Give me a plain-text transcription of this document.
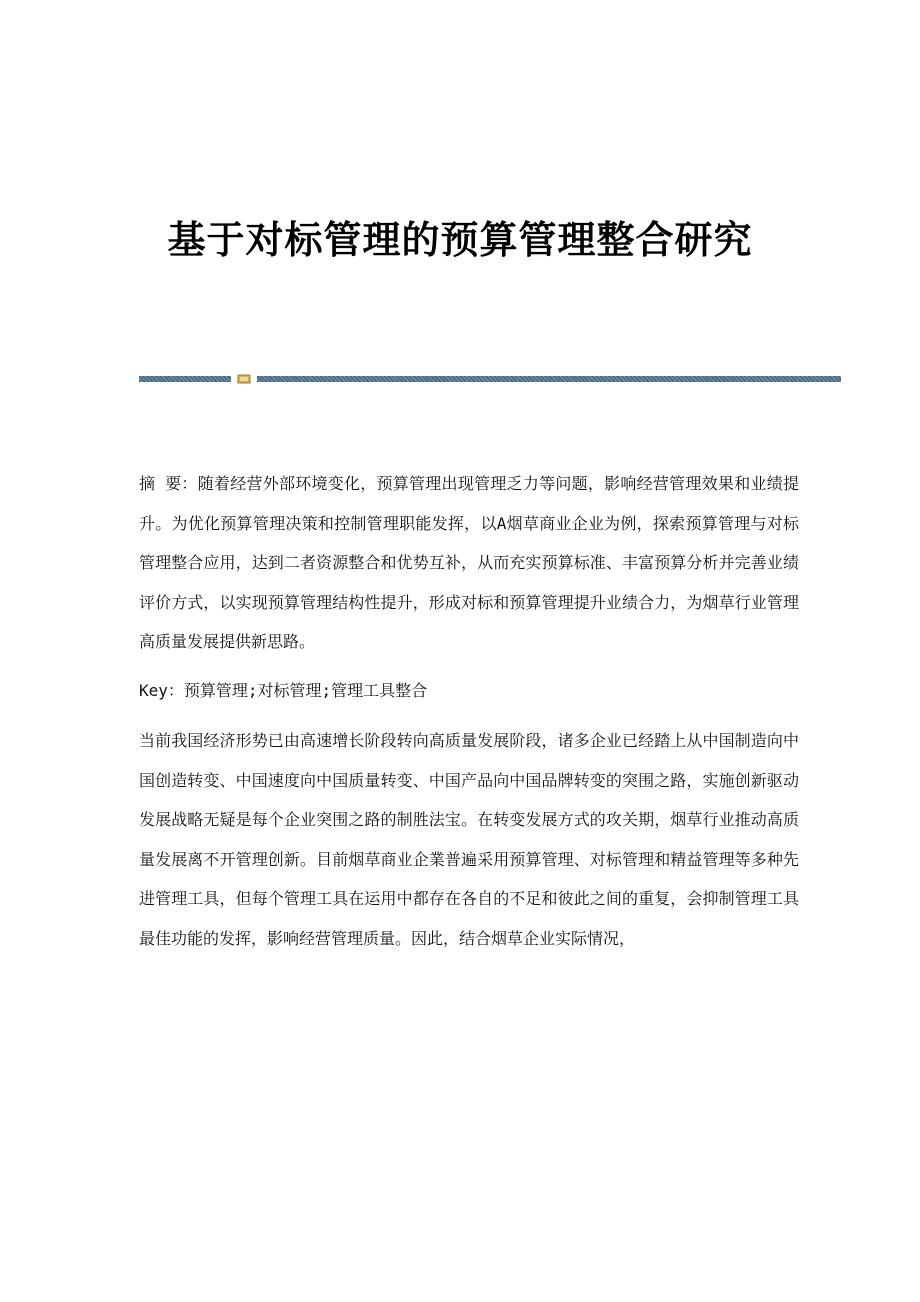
基于对标管理的预算管理整合研究

摘 要：随着经营外部环境变化，预算管理出现管理乏力等问题，影响经营管理效果和业绩提升。为优化预算管理决策和控制管理职能发挥，以A烟草商业企业为例，探索预算管理与对标管理整合应用，达到二者资源整合和优势互补，从而充实预算标准、丰富预算分析并完善业绩评价方式，以实现预算管理结构性提升，形成对标和预算管理提升业绩合力，为烟草行业管理高质量发展提供新思路。

Key：预算管理;对标管理;管理工具整合

当前我国经济形势已由高速增长阶段转向高质量发展阶段，诸多企业已经踏上从中国制造向中国创造转变、中国速度向中国质量转变、中国产品向中国品牌转变的突围之路，实施创新驱动发展战略无疑是每个企业突围之路的制胜法宝。在转变发展方式的攻关期，烟草行业推动高质量发展离不开管理创新。目前烟草商业企業普遍采用预算管理、对标管理和精益管理等多种先进管理工具，但每个管理工具在运用中都存在各自的不足和彼此之间的重复，会抑制管理工具最佳功能的发挥，影响经营管理质量。因此，结合烟草企业实际情况，
